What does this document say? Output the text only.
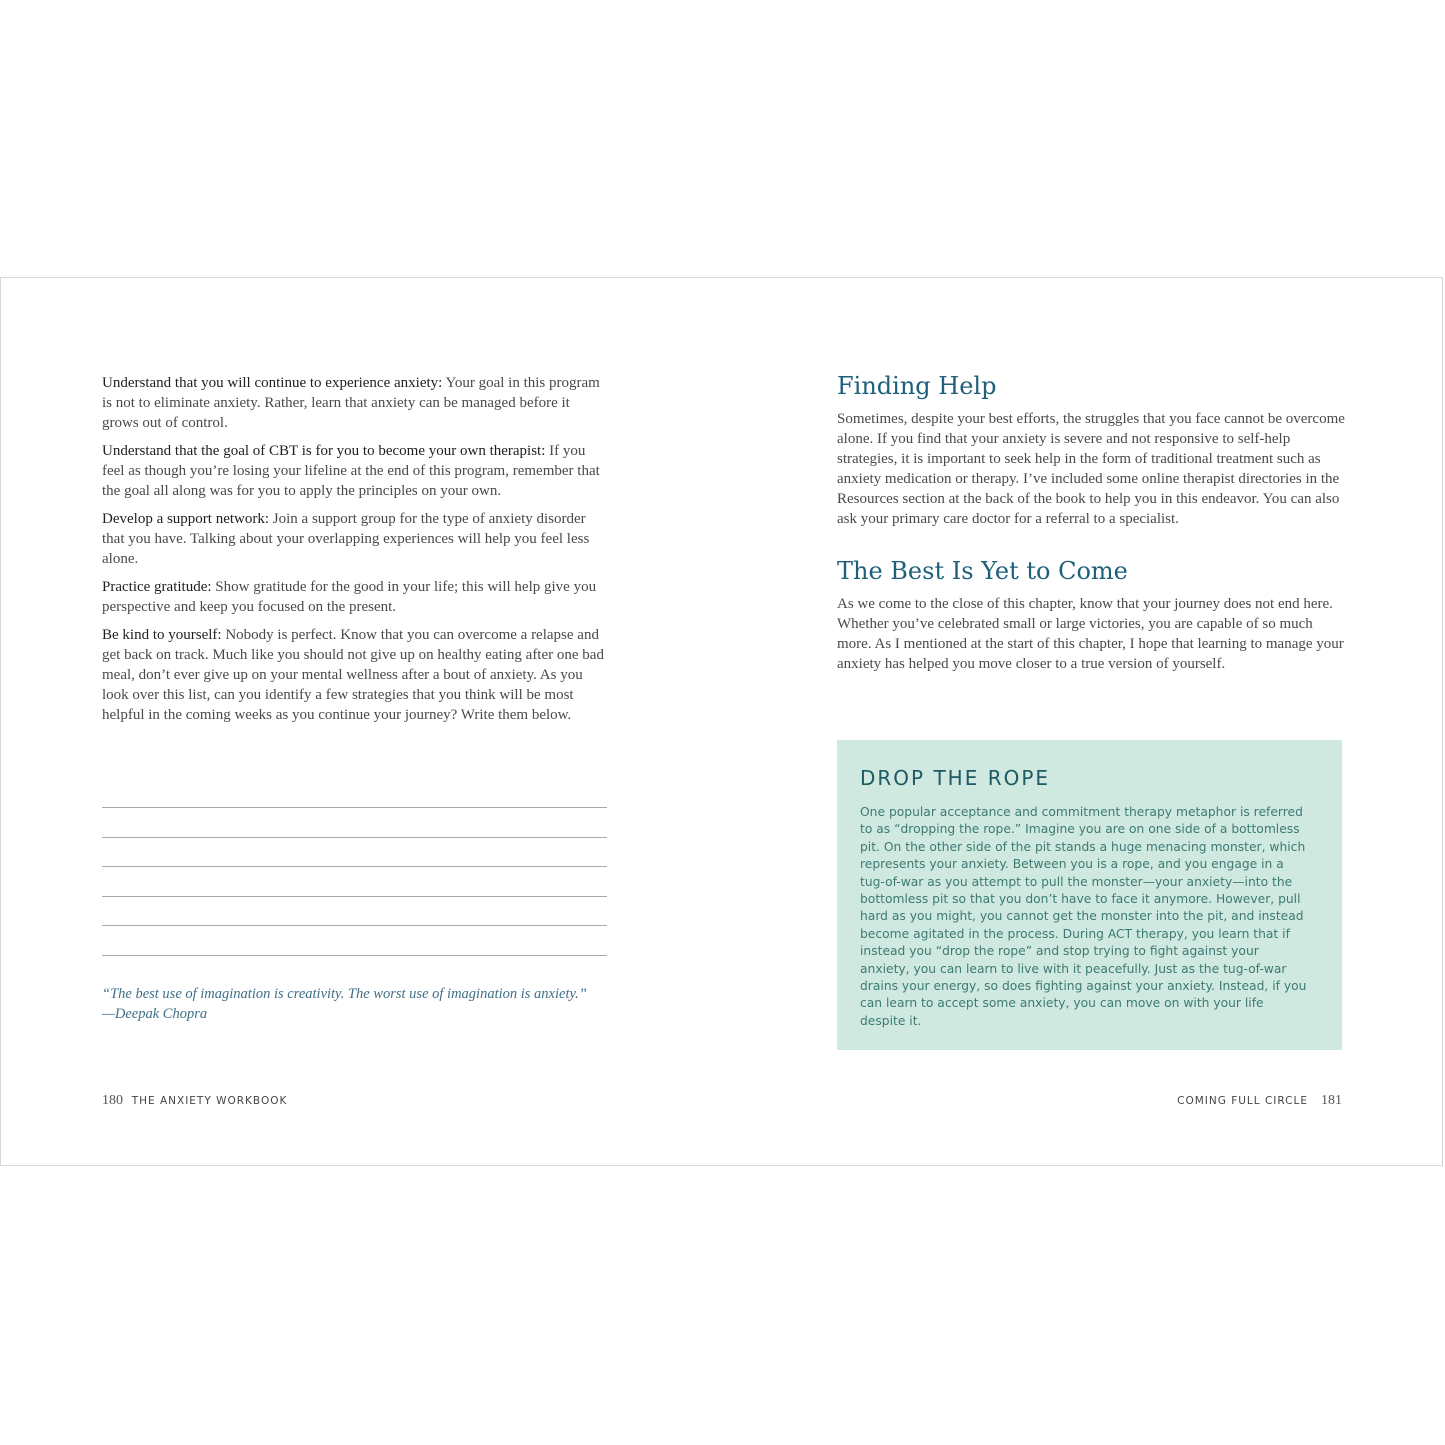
Understand that you will continue to experience anxiety: Your goal in this program is not to eliminate anxiety. Rather, learn that anxiety can be managed before it grows out of control.

Understand that the goal of CBT is for you to become your own therapist: If you feel as though you’re losing your lifeline at the end of this program, remember that the goal all along was for you to apply the principles on your own.

Develop a support network: Join a support group for the type of anxiety disorder that you have. Talking about your overlapping experiences will help you feel less alone.

Practice gratitude: Show gratitude for the good in your life; this will help give you perspective and keep you focused on the present.

Be kind to yourself: Nobody is perfect. Know that you can overcome a relapse and get back on track. Much like you should not give up on healthy eating after one bad meal, don’t ever give up on your mental wellness after a bout of anxiety. As you look over this list, can you identify a few strategies that you think will be most helpful in the coming weeks as you continue your journey? Write them below.

“The best use of imagination is creativity. The worst use of imagination is anxiety.”
—Deepak Chopra
180 THE ANXIETY WORKBOOK
Finding Help

Sometimes, despite your best efforts, the struggles that you face cannot be overcome alone. If you find that your anxiety is severe and not responsive to self-help strategies, it is important to seek help in the form of traditional treatment such as anxiety medication or therapy. I’ve included some online therapist directories in the Resources section at the back of the book to help you in this endeavor. You can also ask your primary care doctor for a referral to a specialist.

The Best Is Yet to Come

As we come to the close of this chapter, know that your journey does not end here. Whether you’ve celebrated small or large victories, you are capable of so much more. As I mentioned at the start of this chapter, I hope that learning to manage your anxiety has helped you move closer to a true version of yourself.

DROP THE ROPE
One popular acceptance and commitment therapy metaphor is referred to as “dropping the rope.” Imagine you are on one side of a bottomless pit. On the other side of the pit stands a huge menacing monster, which represents your anxiety. Between you is a rope, and you engage in a tug-of-war as you attempt to pull the monster—your anxiety—into the bottomless pit so that you don’t have to face it anymore. However, pull hard as you might, you cannot get the monster into the pit, and instead become agitated in the process. During ACT therapy, you learn that if instead you “drop the rope” and stop trying to fight against your anxiety, you can learn to live with it peacefully. Just as the tug-of-war drains your energy, so does fighting against your anxiety. Instead, if you can learn to accept some anxiety, you can move on with your life despite it.
COMING FULL CIRCLE 181
